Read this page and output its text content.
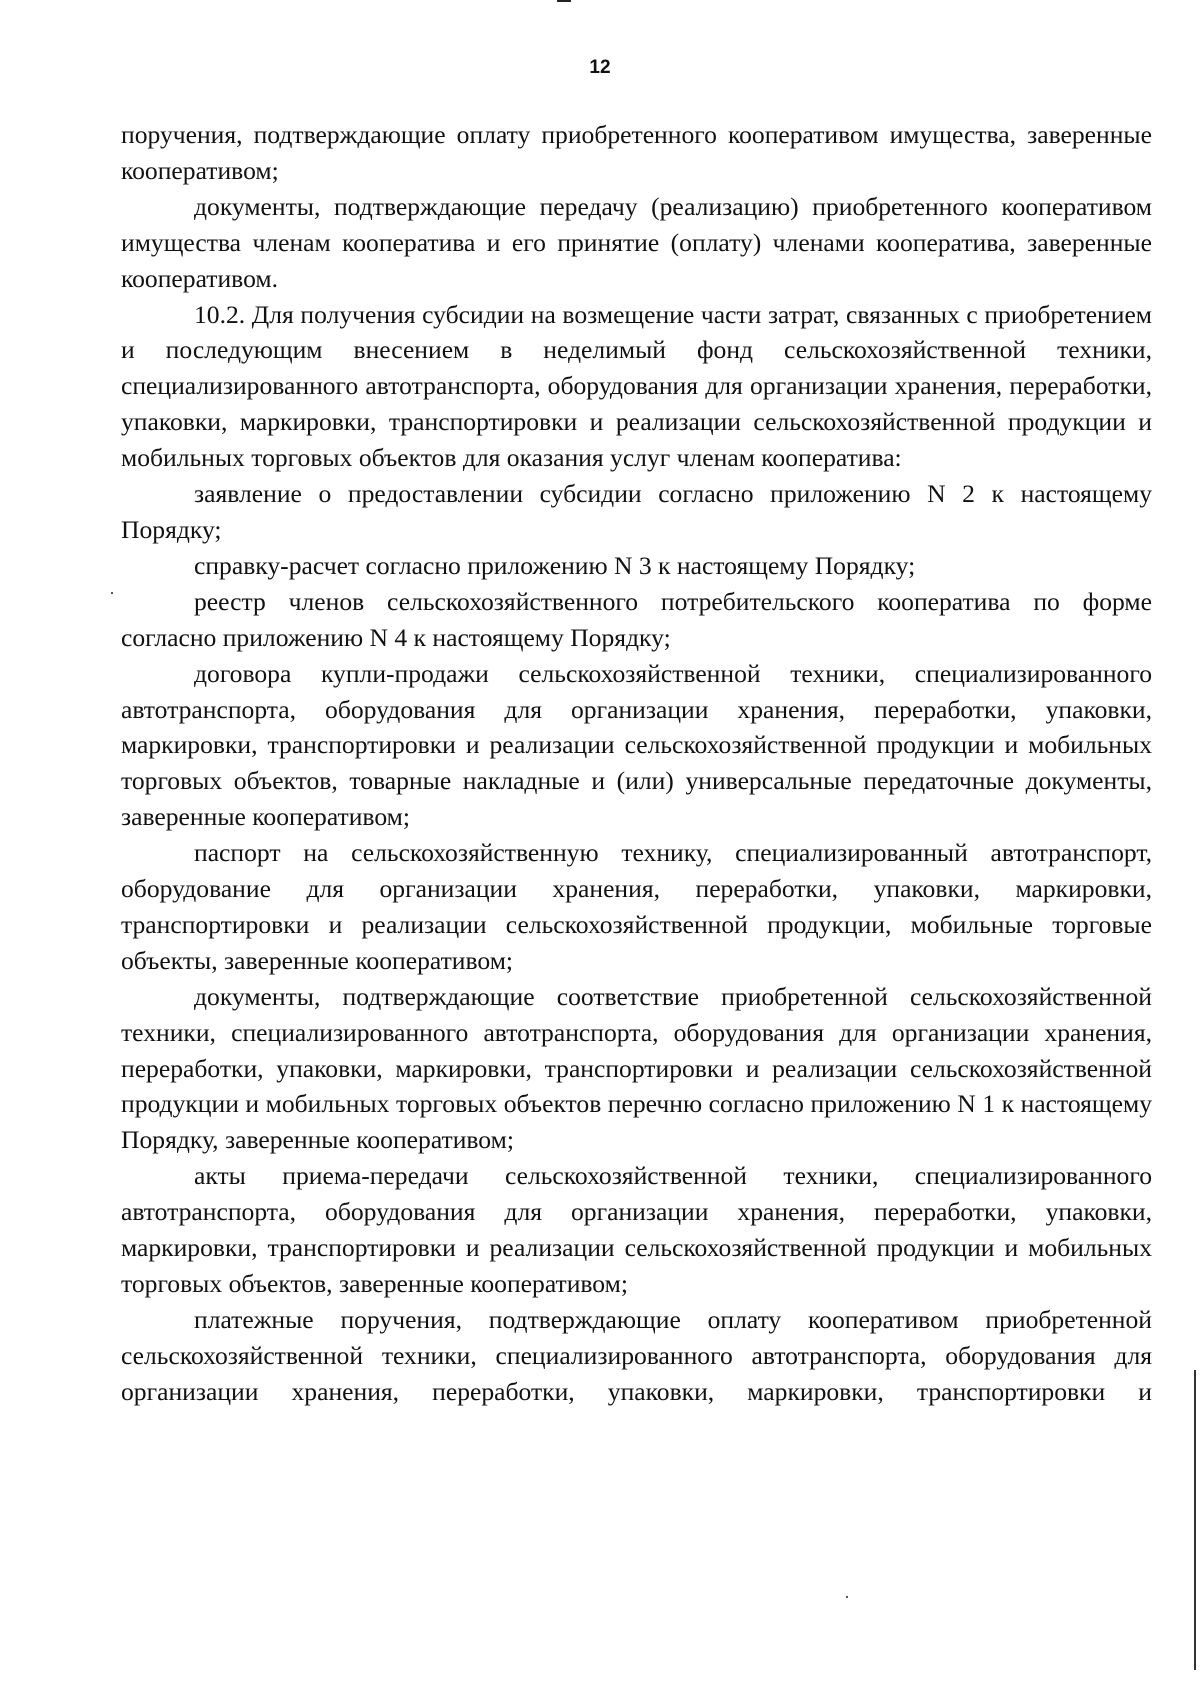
12

поручения, подтверждающие оплату приобретенного кооперативом имущества, заверенные кооперативом;

документы, подтверждающие передачу (реализацию) приобретенного кооперативом имущества членам кооператива и его принятие (оплату) членами кооператива, заверенные кооперативом.

10.2. Для получения субсидии на возмещение части затрат, связанных с приобретением и последующим внесением в неделимый фонд сельскохозяйственной техники, специализированного автотранспорта, оборудования для организации хранения, переработки, упаковки, маркировки, транспортировки и реализации сельскохозяйственной продукции и мобильных торговых объектов для оказания услуг членам кооператива:

заявление о предоставлении субсидии согласно приложению N 2 к настоящему Порядку;

справку-расчет согласно приложению N 3 к настоящему Порядку;

реестр членов сельскохозяйственного потребительского кооператива по форме согласно приложению N 4 к настоящему Порядку;

договора купли-продажи сельскохозяйственной техники, специализированного автотранспорта, оборудования для организации хранения, переработки, упаковки, маркировки, транспортировки и реализации сельскохозяйственной продукции и мобильных торговых объектов, товарные накладные и (или) универсальные передаточные документы, заверенные кооперативом;

паспорт на сельскохозяйственную технику, специализированный автотранспорт, оборудование для организации хранения, переработки, упаковки, маркировки, транспортировки и реализации сельскохозяйственной продукции, мобильные торговые объекты, заверенные кооперативом;

документы, подтверждающие соответствие приобретенной сельскохозяйственной техники, специализированного автотранспорта, оборудования для организации хранения, переработки, упаковки, маркировки, транспортировки и реализации сельскохозяйственной продукции и мобильных торговых объектов перечню согласно приложению N 1 к настоящему Порядку, заверенные кооперативом;

акты приема-передачи сельскохозяйственной техники, специализированного автотранспорта, оборудования для организации хранения, переработки, упаковки, маркировки, транспортировки и реализации сельскохозяйственной продукции и мобильных торговых объектов, заверенные кооперативом;

платежные поручения, подтверждающие оплату кооперативом приобретенной сельскохозяйственной техники, специализированного автотранспорта, оборудования для организации хранения, переработки, упаковки, маркировки, транспортировки и
